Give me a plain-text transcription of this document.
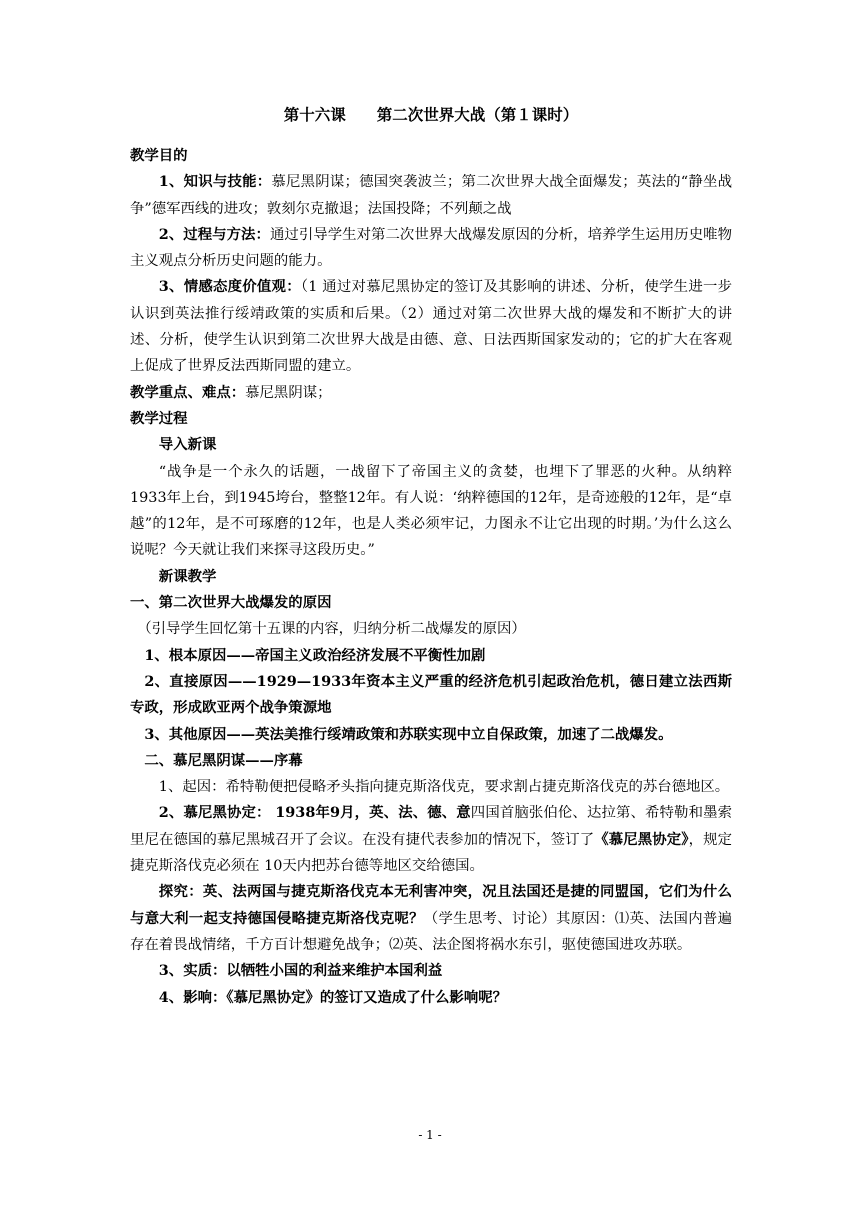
第十六课　　第二次世界大战（第１课时）

教学目的

1、知识与技能：慕尼黑阴谋；德国突袭波兰；第二次世界大战全面爆发；英法的“静坐战争”德军西线的进攻；敦刻尔克撤退；法国投降；不列颠之战

2、过程与方法：通过引导学生对第二次世界大战爆发原因的分析，培养学生运用历史唯物主义观点分析历史问题的能力。

3、情感态度价值观：（1 通过对慕尼黑协定的签订及其影响的讲述、分析，使学生进一步认识到英法推行绥靖政策的实质和后果。（2）通过对第二次世界大战的爆发和不断扩大的讲述、分析，使学生认识到第二次世界大战是由德、意、日法西斯国家发动的；它的扩大在客观上促成了世界反法西斯同盟的建立。

教学重点、难点：慕尼黑阴谋；

教学过程

导入新课

“战争是一个永久的话题，一战留下了帝国主义的贪婪，也埋下了罪恶的火种。从纳粹1933年上台，到1945垮台，整整12年。有人说：‘纳粹德国的12年，是奇迹般的12年，是“卓越”的12年，是不可琢磨的12年，也是人类必须牢记，力图永不让它出现的时期。’为什么这么说呢？今天就让我们来探寻这段历史。”

新课教学

一、第二次世界大战爆发的原因

（引导学生回忆第十五课的内容，归纳分析二战爆发的原因）

1、根本原因——帝国主义政治经济发展不平衡性加剧

2、直接原因——1929—1933年资本主义严重的经济危机引起政治危机，德日建立法西斯专政，形成欧亚两个战争策源地

3、其他原因——英法美推行绥靖政策和苏联实现中立自保政策，加速了二战爆发。

二、慕尼黑阴谋——序幕

1、起因：希特勒便把侵略矛头指向捷克斯洛伐克，要求割占捷克斯洛伐克的苏台德地区。

2、慕尼黑协定： 1938年9月，英、法、德、意四国首脑张伯伦、达拉第、希特勒和墨索里尼在德国的慕尼黑城召开了会议。在没有捷代表参加的情况下，签订了《慕尼黑协定》，规定捷克斯洛伐克必须在 10天内把苏台德等地区交给德国。

探究：英、法两国与捷克斯洛伐克本无利害冲突，况且法国还是捷的同盟国，它们为什么与意大利一起支持德国侵略捷克斯洛伐克呢？（学生思考、讨论）其原因：⑴英、法国内普遍存在着畏战情绪，千方百计想避免战争；⑵英、法企图将祸水东引，驱使德国进攻苏联。

3、实质：以牺牲小国的利益来维护本国利益

4、影响：《慕尼黑协定》的签订又造成了什么影响呢？

- 1 -
